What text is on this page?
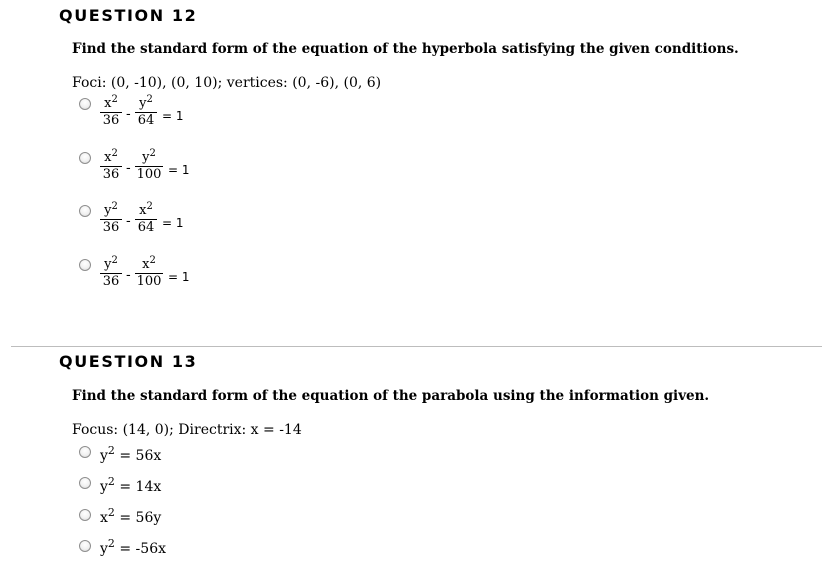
QUESTION 12
Find the standard form of the equation of the hyperbola satisfying the given conditions.
Foci: (0, -10), (0, 10); vertices: (0, -6), (0, 6)
$x^2$
36 -
$y^2$
64 = 1
$x^2$
36 -
$y^2$
100 = 1
$y^2$
36 -
$x^2$
64 = 1
$y^2$
36 -
$x^2$
100 = 1
QUESTION 13
Find the standard form of the equation of the parabola using the information given.
Focus: (14, 0); Directrix: x = -14
$y^2 = 56x$
$y^2 = 14x$
$x^2 = 56y$
$y^2 = -56x$
